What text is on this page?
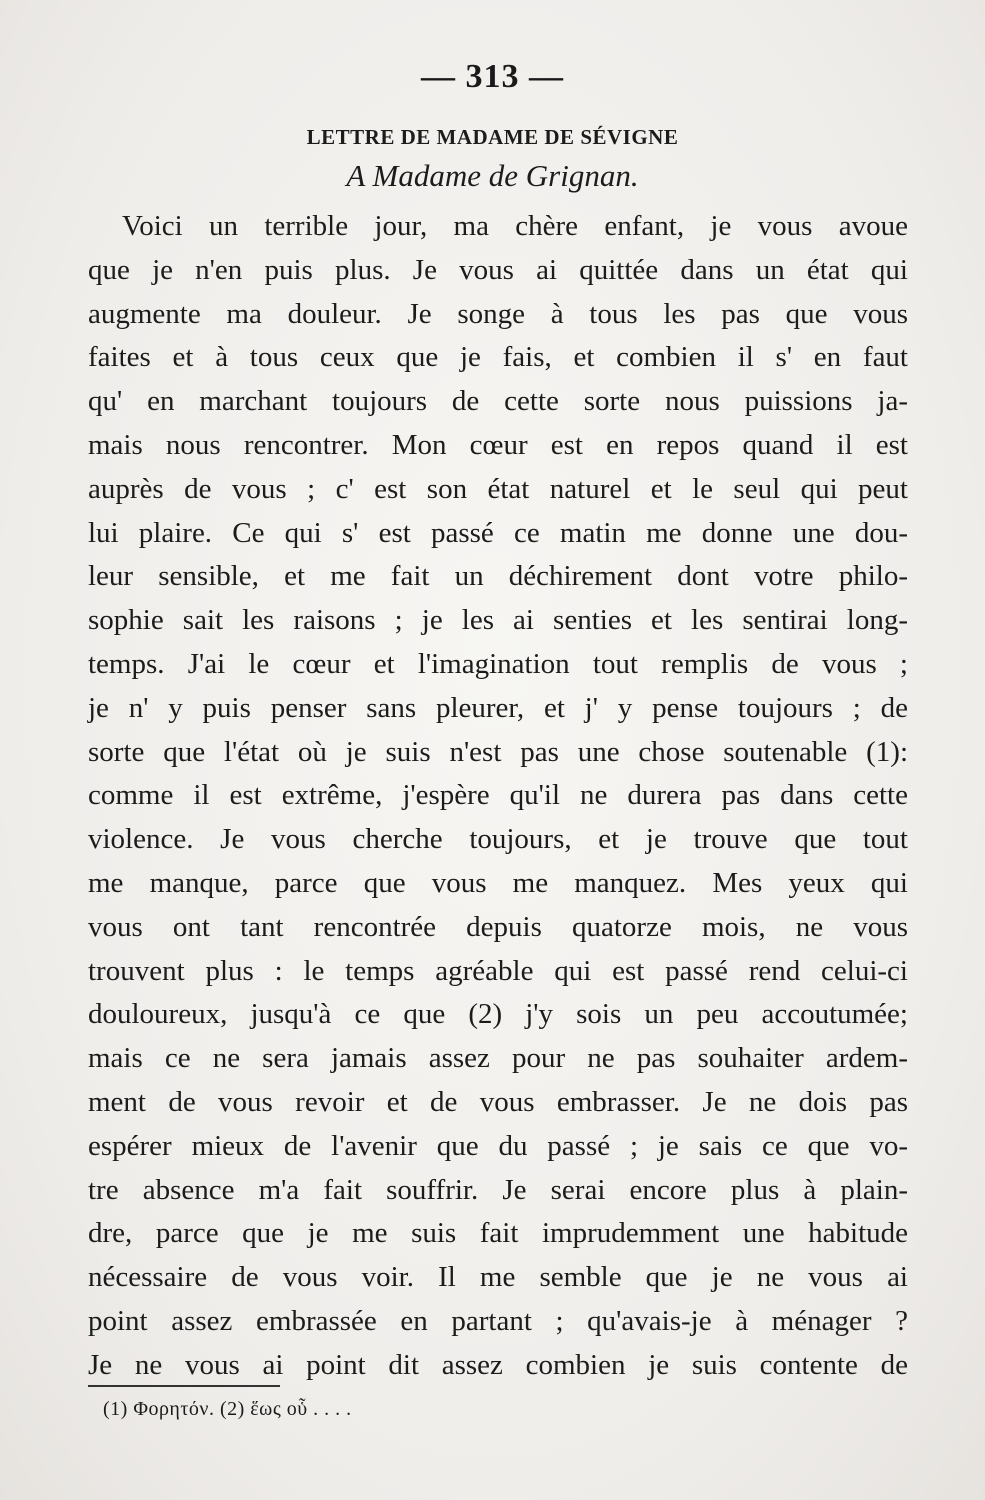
— 313 —
LETTRE DE MADAME DE SÉVIGNE
A Madame de Grignan.
Voici un terrible jour, ma chère enfant, je vous avoue
que je n'en puis plus. Je vous ai quittée dans un état qui
augmente ma douleur. Je songe à tous les pas que vous
faites et à tous ceux que je fais, et combien il s' en faut
qu' en marchant toujours de cette sorte nous puissions ja-
mais nous rencontrer. Mon cœur est en repos quand il est
auprès de vous ; c' est son état naturel et le seul qui peut
lui plaire. Ce qui s' est passé ce matin me donne une dou-
leur sensible, et me fait un déchirement dont votre philo-
sophie sait les raisons ; je les ai senties et les sentirai long-
temps. J'ai le cœur et l'imagination tout remplis de vous ;
je n' y puis penser sans pleurer, et j' y pense toujours ; de
sorte que l'état où je suis n'est pas une chose soutenable (1):
comme il est extrême, j'espère qu'il ne durera pas dans cette
violence. Je vous cherche toujours, et je trouve que tout
me manque, parce que vous me manquez. Mes yeux qui
vous ont tant rencontrée depuis quatorze mois, ne vous
trouvent plus : le temps agréable qui est passé rend celui-ci
douloureux, jusqu'à ce que (2) j'y sois un peu accoutumée;
mais ce ne sera jamais assez pour ne pas souhaiter ardem-
ment de vous revoir et de vous embrasser. Je ne dois pas
espérer mieux de l'avenir que du passé ; je sais ce que vo-
tre absence m'a fait souffrir. Je serai encore plus à plain-
dre, parce que je me suis fait imprudemment une habitude
nécessaire de vous voir. Il me semble que je ne vous ai
point assez embrassée en partant ; qu'avais-je à ménager ?
Je ne vous ai point dit assez combien je suis contente de
(1) Φορητόν. (2) ἕως οὗ . . . .
